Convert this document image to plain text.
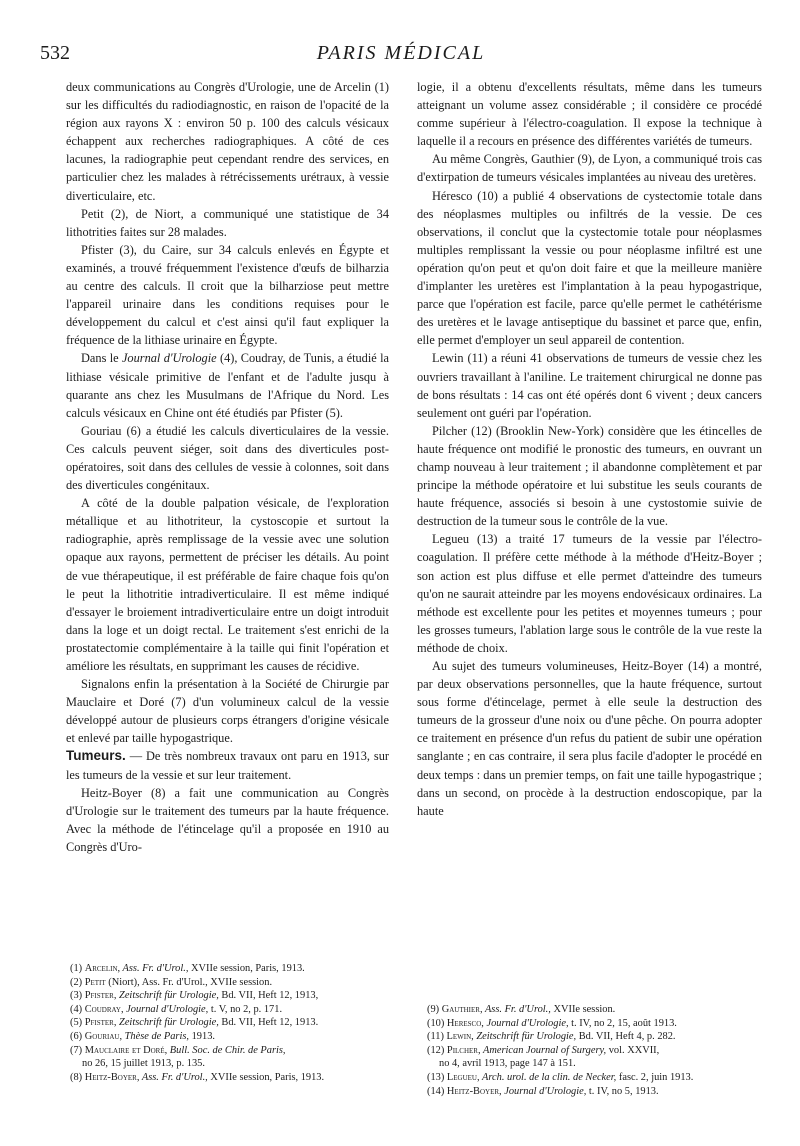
532	PARIS MÉDICAL

deux communications au Congrès d'Urologie, une de Arcelin (1) sur les difficultés du radiodiagnostic, en raison de l'opacité de la région aux rayons X : environ 50 p. 100 des calculs vésicaux échappent aux recherches radiographiques. A côté de ces lacunes, la radiographie peut cependant rendre des services, en particulier chez les malades à rétrécissements urétraux, à vessie diverticulaire, etc.

Petit (2), de Niort, a communiqué une statistique de 34 lithotrities faites sur 28 malades.

Pfister (3), du Caire, sur 34 calculs enlevés en Égypte et examinés, a trouvé fréquemment l'existence d'œufs de bilharzia au centre des calculs. Il croit que la bilharziose peut mettre l'appareil urinaire dans les conditions requises pour le développement du calcul et c'est ainsi qu'il faut expliquer la fréquence de la lithiase urinaire en Égypte.

Dans le Journal d'Urologie (4), Coudray, de Tunis, a étudié la lithiase vésicale primitive de l'enfant et de l'adulte jusqu à quarante ans chez les Musulmans de l'Afrique du Nord. Les calculs vésicaux en Chine ont été étudiés par Pfister (5).

Gouriau (6) a étudié les calculs diverticulaires de la vessie. Ces calculs peuvent siéger, soit dans des diverticules post-opératoires, soit dans des cellules de vessie à colonnes, soit dans des diverticules congénitaux.

A côté de la double palpation vésicale, de l'exploration métallique et au lithotriteur, la cystoscopie et surtout la radiographie, après remplissage de la vessie avec une solution opaque aux rayons, permettent de préciser les détails. Au point de vue thérapeutique, il est préférable de faire chaque fois qu'on le peut la lithotritie intradiverticulaire. Il est même indiqué d'essayer le broiement intradiverticulaire entre un doigt introduit dans la loge et un doigt rectal. Le traitement s'est enrichi de la prostatectomie complémentaire à la taille qui finit l'opération et améliore les résultats, en supprimant les causes de récidive.

Signalons enfin la présentation à la Société de Chirurgie par Mauclaire et Doré (7) d'un volumineux calcul de la vessie développé autour de plusieurs corps étrangers d'origine vésicale et enlevé par taille hypogastrique.

Tumeurs. — De très nombreux travaux ont paru en 1913, sur les tumeurs de la vessie et sur leur traitement.

Heitz-Boyer (8) a fait une communication au Congrès d'Urologie sur le traitement des tumeurs par la haute fréquence. Avec la méthode de l'étincelage qu'il a proposée en 1910 au Congrès d'Uro-

logie, il a obtenu d'excellents résultats, même dans les tumeurs atteignant un volume assez considérable ; il considère ce procédé comme supérieur à l'électro-coagulation. Il expose la technique à laquelle il a recours en présence des différentes variétés de tumeurs.

Au même Congrès, Gauthier (9), de Lyon, a communiqué trois cas d'extirpation de tumeurs vésicales implantées au niveau des uretères.

Héresco (10) a publié 4 observations de cystectomie totale dans des néoplasmes multiples ou infiltrés de la vessie. De ces observations, il conclut que la cystectomie totale pour néoplasmes multiples remplissant la vessie ou pour néoplasme infiltré est une opération qu'on peut et qu'on doit faire et que la meilleure manière d'implanter les uretères est l'implantation à la peau hypogastrique, parce que l'opération est facile, parce qu'elle permet le cathétérisme des uretères et le lavage antiseptique du bassinet et parce que, enfin, elle permet d'employer un seul appareil de contention.

Lewin (11) a réuni 41 observations de tumeurs de vessie chez les ouvriers travaillant à l'aniline. Le traitement chirurgical ne donne pas de bons résultats : 14 cas ont été opérés dont 6 vivent ; deux cancers seulement ont guéri par l'opération.

Pilcher (12) (Brooklin New-York) considère que les étincelles de haute fréquence ont modifié le pronostic des tumeurs, en ouvrant un champ nouveau à leur traitement ; il abandonne complètement et par principe la méthode opératoire et lui substitue les seuls courants de haute fréquence, associés si besoin à une cystostomie suivie de destruction de la tumeur sous le contrôle de la vue.

Legueu (13) a traité 17 tumeurs de la vessie par l'électro-coagulation. Il préfère cette méthode à la méthode d'Heitz-Boyer ; son action est plus diffuse et elle permet d'atteindre des tumeurs qu'on ne saurait atteindre par les moyens endovésicaux ordinaires. La méthode est excellente pour les petites et moyennes tumeurs ; pour les grosses tumeurs, l'ablation large sous le contrôle de la vue reste la méthode de choix.

Au sujet des tumeurs volumineuses, Heitz-Boyer (14) a montré, par deux observations personnelles, que la haute fréquence, surtout sous forme d'étincelage, permet à elle seule la destruction des tumeurs de la grosseur d'une noix ou d'une pêche. On pourra adopter ce traitement en présence d'un refus du patient de subir une opération sanglante ; en cas contraire, il sera plus facile d'adopter le procédé en deux temps : dans un premier temps, on fait une taille hypogastrique ; dans un second, on procède à la destruction endoscopique, par la haute

(1) Arcelin, Ass. Fr. d'Urol., XVIIe session, Paris, 1913.
(2) Petit (Niort), Ass. Fr. d'Urol., XVIIe session.
(3) Pfister, Zeitschrift für Urologie, Bd. VII, Heft 12, 1913,
(4) Coudray, Journal d'Urologie, t. V, no 2, p. 171.
(5) Pfister, Zeitschrift für Urologie, Bd. VII, Heft 12, 1913.
(6) Gouriau, Thèse de Paris, 1913.
(7) Mauclaire et Doré, Bull. Soc. de Chir. de Paris,
no 26, 15 juillet 1913, p. 135.
(8) Heitz-Boyer, Ass. Fr. d'Urol., XVIIe session, Paris, 1913.
(9) Gauthier, Ass. Fr. d'Urol., XVIIe session.
(10) Heresco, Journal d'Urologie, t. IV, no 2, 15, août 1913.
(11) Lewin, Zeitschrift für Urologie, Bd. VII, Heft 4, p. 282.
(12) Pilcher, American Journal of Surgery, vol. XXVII,
no 4, avril 1913, page 147 à 151.
(13) Legueu, Arch. urol. de la clin. de Necker, fasc. 2, juin 1913.
(14) Heitz-Boyer, Journal d'Urologie, t. IV, no 5, 1913.
